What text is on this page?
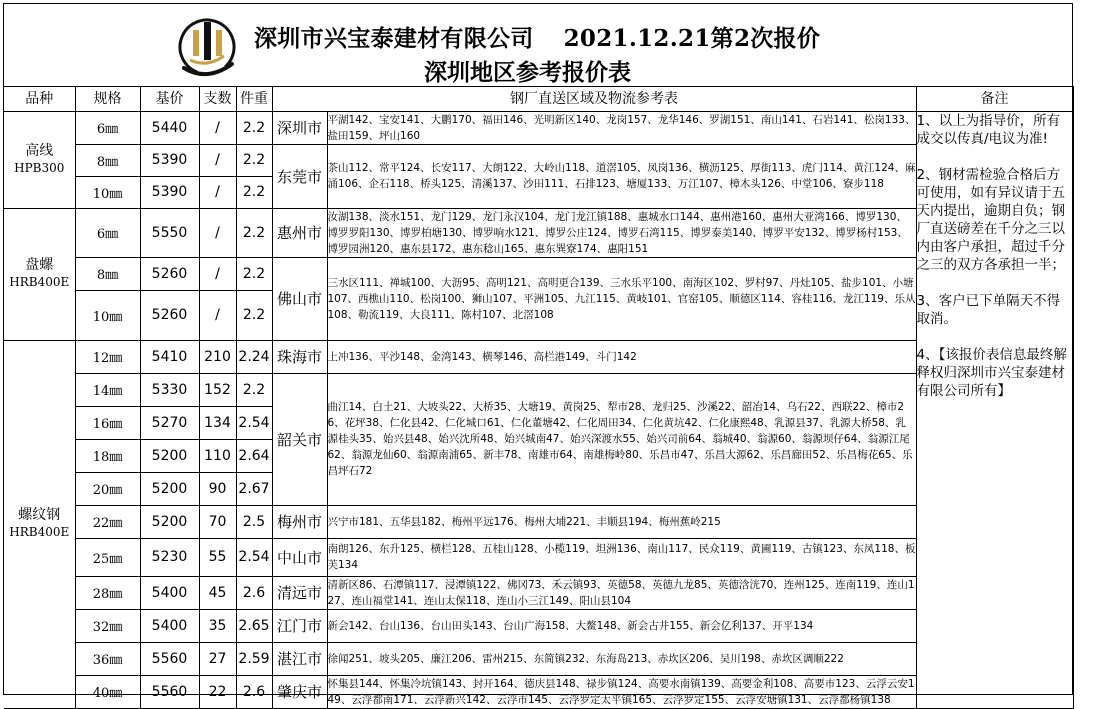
深圳市兴宝泰建材有限公司 2021.12.21第2次报价
深圳地区参考报价表
品种	规格	基价	支数	件重	钢厂直送区域及物流参考表		备注

高线
HPB300	6㎜	5440	/	2.2	深圳市	平湖142、宝安141、大鹏170、福田146、光明新区140、龙岗157、龙华146、罗湖151、南山141、石岩141、松岗133、盐田159、坪山160	1、以上为指导价，所有成交以传真/电议为准!

2、钢材需检验合格后方可使用，如有异议请于五天内提出，逾期自负；钢厂直送磅差在千分之三以内由客户承担，超过千分之三的双方各承担一半；

3、客户已下单隔天不得取消。

4、【该报价表信息最终解释权归深圳市兴宝泰建材有限公司所有】
	8㎜	5390	/	2.2	东莞市	茶山112、常平124、长安117、大朗122、大岭山118、道滘105、凤岗136、横沥125、厚街113、虎门114、黄江124、麻涌106、企石118、桥头125、清溪137、沙田111、石排123、塘厦133、万江107、樟木头126、中堂106、寮步118	
	10㎜	5390	/	2.2			

盘螺
HRB400E	6㎜	5550	/	2.2	惠州市	汝湖138、淡水151、龙门129、龙门永汉104、龙门龙江镇188、惠城水口144、惠州港160、惠州大亚湾166、博罗130、博罗罗阳130、博罗柏塘130、博罗响水121、博罗公庄124、博罗石湾115、博罗泰美140、博罗平安132、博罗杨村153、博罗园洲120、惠东县172、惠东稔山165、惠东巽寮174、惠阳151	
	8㎜	5260	/	2.2	佛山市	三水区111、禅城100、大沥95、高明121、高明更合139、三水乐平100、南海区102、罗村97、丹灶105、盐步101、小塘107、西樵山110、松岗100、狮山107、平洲105、九江115、黄岐101、官窑105、顺德区114、容桂116、龙江119、乐从108、勒流119、大良111、陈村107、北滘108	
	10㎜	5260	/	2.2			

螺纹钢
HRB400E	12㎜	5410	210	2.24	珠海市	上冲136、平沙148、金湾143、横琴146、高栏港149、斗门142	
	14㎜	5330	152	2.2	韶关市	曲江14、白土21、大坡头22、大桥35、大塘19、黄岗25、犁市28、龙归25、沙溪22、韶冶14、乌石22、西联22、樟市26、花坪38、仁化县42、仁化城口61、仁化董塘42、仁化周田34、仁化黄坑42、仁化康熙48、乳源县37、乳源大桥58、乳源桂头35、始兴县48、始兴沈所48、始兴城南47、始兴深渡水55、始兴司前64、翁城40、翁源60、翁源坝仔64、翁源江尾62、翁源龙仙60、翁源南浦65、新丰78、南雄市64、南雄梅岭80、乐昌市47、乐昌大源62、乐昌廊田52、乐昌梅花65、乐昌坪石72	
	16㎜	5270	134	2.54			
	18㎜	5200	110	2.64			
	20㎜	5200	90	2.67			
	22㎜	5200	70	2.5	梅州市	兴宁市181、五华县182、梅州平远176、梅州大埔221、丰顺县194、梅州蕉岭215	
	25㎜	5230	55	2.54	中山市	南朗126、东升125、横栏128、五桂山128、小榄119、坦洲136、南山117、民众119、黄圃119、古镇123、东凤118、板芙134	
	28㎜	5400	45	2.6	清远市	清新区86、石潭镇117、浸潭镇122、佛冈73、禾云镇93、英德58、英德九龙85、英德浛洸70、连州125、连南119、连山127、连山福堂141、连山太保118、连山小三江149、阳山县104	
	32㎜	5400	35	2.65	江门市	新会142、台山136、台山田头143、台山广海158、大鳌148、新会古井155、新会亿利137、开平134	
	36㎜	5560	27	2.59	湛江市	徐闻251、坡头205、廉江206、雷州215、东简镇232、东海岛213、赤坎区206、吴川198、赤坎区调顺222	
	40㎜	5560	22	2.6	肇庆市	怀集县144、怀集冷坑镇143、封开164、德庆县148、禄步镇124、高要水南镇139、高要金利108、高要市123、云浮云安149、云浮都南171、云浮新兴142、云浮市145、云浮罗定太平镇165、云浮罗定155、云浮安塘镇131、云浮都杨镇138	
